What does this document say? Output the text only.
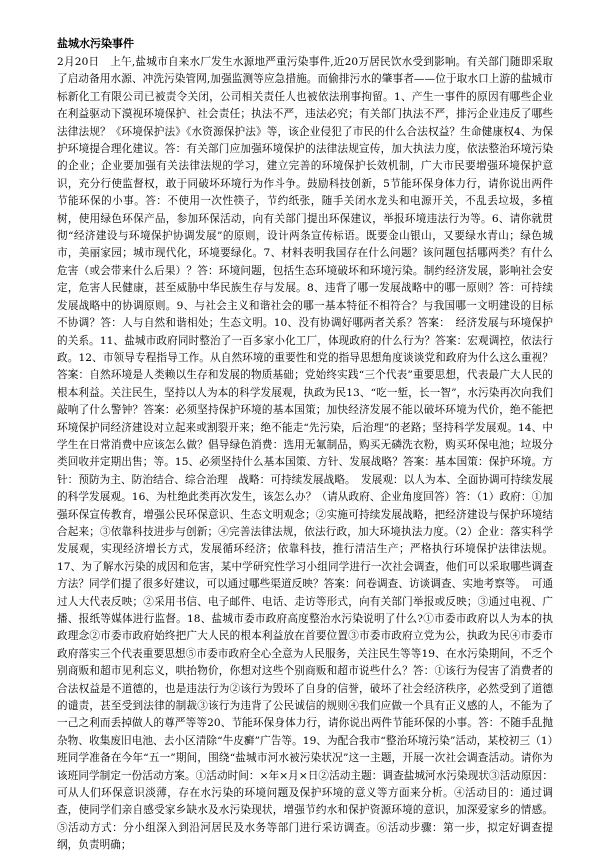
盐城水污染事件

2月20日　上午,盐城市自来水厂发生水源地严重污染事件,近20万居民饮水受到影响。有关部门随即采取了启动备用水源、冲洗污染管网,加强监测等应急措施。而偷排污水的肇事者——位于取水口上游的盐城市标新化工有限公司已被责令关闭，公司相关责任人也被依法刑事拘留。1、产生一事件的原因有哪些企业在利益驱动下漠视环境保护、社会责任；执法不严，违法必究；有关部门执法不严，排污企业违反了哪些法律法规？《环境保护法》《水资源保护法》等，该企业侵犯了市民的什么合法权益？生命健康权4、为保护环境提合理化建议。答：有关部门应加强环境保护的法律法规宣传，加大执法力度，依法整治环境污染的企业；企业要加强有关法律法规的学习，建立完善的环境保护长效机制，广大市民要增强环境保护意识，充分行使监督权，敢于同破坏环境行为作斗争。鼓励科技创新，5节能环保身体力行，请你说出两件节能环保的小事。答：不使用一次性筷子，节约纸张，随手关闭水龙头和电源开关，不乱丢垃圾，多植树，使用绿色环保产品，参加环保活动，向有关部门提出环保建议，举报环境违法行为等。6、请你就贯彻“经济建设与环境保护协调发展”的原则，设计两条宣传标语。既要金山银山，又要绿水青山；绿色城市，美丽家园；城市现代化，环境要绿化。7、材料表明我国存在什么问题？该问题包括哪两类？有什么危害（或会带来什么后果）？答：环境问题，包括生态环境破坏和环境污染。制约经济发展，影响社会安定，危害人民健康，甚至威胁中华民族生存与发展。8、违背了哪一发展战略中的哪一原则？答：可持续发展战略中的协调原则。9、与社会主义和谐社会的哪一基本特征不相符合？与我国哪一文明建设的目标不协调？答：人与自然和谐相处；生态文明。10、没有协调好哪两者关系？答案：　经济发展与环境保护的关系。11、盐城市政府同时整治了一百多家小化工厂，体现政府的什么行为？答案：宏观调控，依法行政。12、市领导专程指导工作。从自然环境的重要性和党的指导思想角度谈谈党和政府为什么这么重视？答案：自然环境是人类赖以生存和发展的物质基础；党始终实践“三个代表”重要思想，代表最广大人民的根本利益。关注民生，坚持以人为本的科学发展观，执政为民13、“吃一堑，长一智”，水污染再次向我们敲响了什么警钟？答案：必须坚持保护环境的基本国策；加快经济发展不能以破坏环境为代价，绝不能把环境保护同经济建设对立起来或割裂开来；绝不能走“先污染，后治理”的老路；坚持科学发展观。14、中学生在日常消费中应该怎么做？倡导绿色消费：选用无氟制品，购买无磷洗衣粉，购买环保电池；垃圾分类回收并定期出售；等。15、必须坚持什么基本国策、方针、发展战略？答案：基本国策：保护环境。方针：预防为主、防治结合、综合治理　战略：可持续发展战略。　发展观：以人为本、全面协调可持续发展的科学发展观。16、为杜绝此类再次发生，该怎么办？（请从政府、企业角度回答）答：（1）政府：①加强环保宣传教育，增强公民环保意识、生态文明观念；②实施可持续发展战略，把经济建设与保护环境结合起来；③依靠科技进步与创新；④完善法律法规，依法行政，加大环境执法力度。（2）企业：落实科学发展观，实现经济增长方式，发展循环经济；依靠科技，推行清洁生产；严格执行环境保护法律法规。17、为了解水污染的成因和危害，某中学研究性学习小组同学进行一次社会调查，他们可以采取哪些调查方法？同学们提了很多好建议，可以通过哪些渠道反映？答案：问卷调查、访谈调查、实地考察等。　可通过人大代表反映；②采用书信、电子邮件、电话、走访等形式，向有关部门举报或反映；③通过电视、广播、报纸等媒体进行监督。18、盐城市委市政府高度整治水污染说明了什么?①市委市政府以人为本的执政理念②市委市政府始终把广大人民的根本利益放在首要位置③市委市政府立党为公，执政为民④市委市政府落实三个代表重要思想⑤市委市政府全心全意为人民服务，关注民生等等19、在水污染期间，不乏个别商贩和超市见利忘义，哄抬物价，你想对这些个别商贩和超市说些什么？答：①该行为侵害了消费者的合法权益是不道德的，也是违法行为②该行为毁坏了自身的信誉，破坏了社会经济秩序，必然受到了道德的谴责，甚至受到法律的制裁③该行为违背了公民诚信的规则④我们应做一个具有正义感的人，不能为了一己之利而丢掉做人的尊严等等20、节能环保身体力行，请你说出两件节能环保的小事。答：不随手乱抛杂物、收集废旧电池、去小区清除“牛皮癣”广告等。19、为配合我市“整治环境污染”活动，某校初三（1）班同学准备在今年“五一”期间，围绕“盐城市河水被污染状况”这一主题，开展一次社会调查活动。请你为该班同学制定一份活动方案。①活动时间：×年×月×日②活动主题：调查盐城河水污染现状③活动原因：可从人们环保意识淡薄，存在水污染的环境问题及保护环境的意义等方面来分析。④活动目的：通过调查，使同学们亲自感受家乡缺水及水污染现状，增强节约水和保护资源环境的意识，加深爱家乡的情感。⑤活动方式：分小组深入到沿河居民及水务等部门进行采访调查。⑥活动步骤：第一步，拟定好调查提纲，负责明确；
